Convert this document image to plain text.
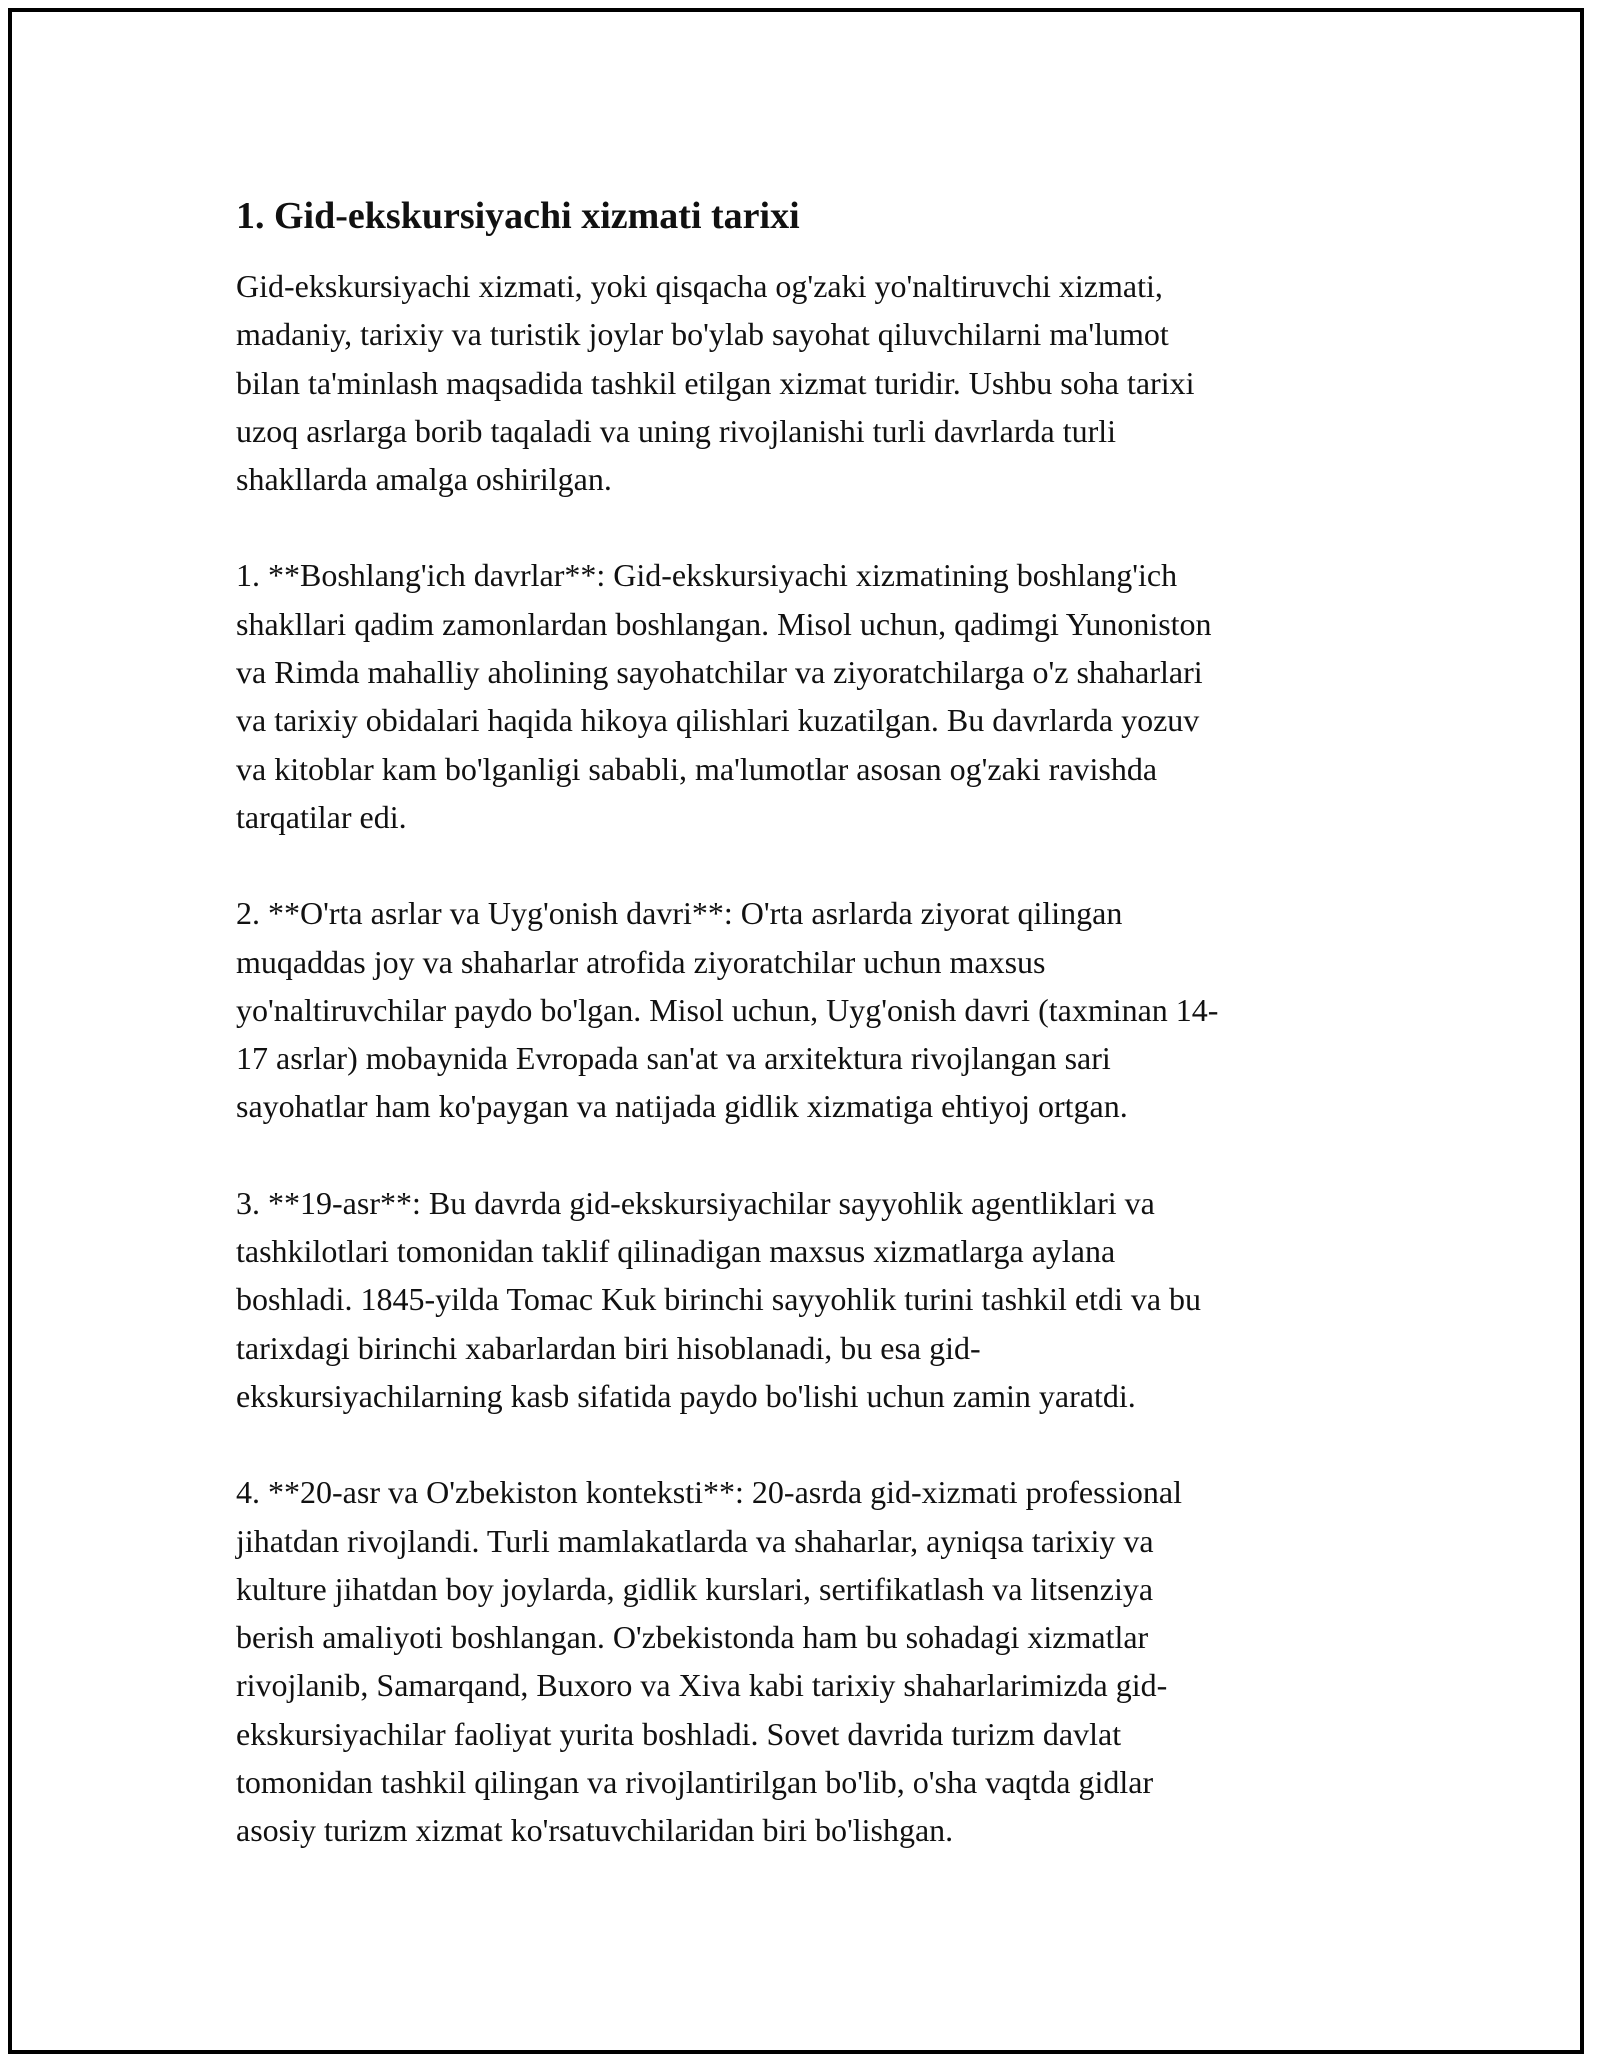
1. Gid-ekskursiyachi xizmati tarixi
Gid-ekskursiyachi xizmati, yoki qisqacha og'zaki yo'naltiruvchi xizmati,
madaniy, tarixiy va turistik joylar bo'ylab sayohat qiluvchilarni ma'lumot
bilan ta'minlash maqsadida tashkil etilgan xizmat turidir. Ushbu soha tarixi
uzoq asrlarga borib taqaladi va uning rivojlanishi turli davrlarda turli
shakllarda amalga oshirilgan.
1. **Boshlang'ich davrlar**: Gid-ekskursiyachi xizmatining boshlang'ich
shakllari qadim zamonlardan boshlangan. Misol uchun, qadimgi Yunoniston
va Rimda mahalliy aholining sayohatchilar va ziyoratchilarga o'z shaharlari
va tarixiy obidalari haqida hikoya qilishlari kuzatilgan. Bu davrlarda yozuv
va kitoblar kam bo'lganligi sababli, ma'lumotlar asosan og'zaki ravishda
tarqatilar edi.
2. **O'rta asrlar va Uyg'onish davri**: O'rta asrlarda ziyorat qilingan
muqaddas joy va shaharlar atrofida ziyoratchilar uchun maxsus
yo'naltiruvchilar paydo bo'lgan. Misol uchun, Uyg'onish davri (taxminan 14-
17 asrlar) mobaynida Evropada san'at va arxitektura rivojlangan sari
sayohatlar ham ko'paygan va natijada gidlik xizmatiga ehtiyoj ortgan.
3. **19-asr**: Bu davrda gid-ekskursiyachilar sayyohlik agentliklari va
tashkilotlari tomonidan taklif qilinadigan maxsus xizmatlarga aylana
boshladi. 1845-yilda Tomac Kuk birinchi sayyohlik turini tashkil etdi va bu
tarixdagi birinchi xabarlardan biri hisoblanadi, bu esa gid-
ekskursiyachilarning kasb sifatida paydo bo'lishi uchun zamin yaratdi.
4. **20-asr va O'zbekiston konteksti**: 20-asrda gid-xizmati professional
jihatdan rivojlandi. Turli mamlakatlarda va shaharlar, ayniqsa tarixiy va
kulture jihatdan boy joylarda, gidlik kurslari, sertifikatlash va litsenziya
berish amaliyoti boshlangan. O'zbekistonda ham bu sohadagi xizmatlar
rivojlanib, Samarqand, Buxoro va Xiva kabi tarixiy shaharlarimizda gid-
ekskursiyachilar faoliyat yurita boshladi. Sovet davrida turizm davlat
tomonidan tashkil qilingan va rivojlantirilgan bo'lib, o'sha vaqtda gidlar
asosiy turizm xizmat ko'rsatuvchilaridan biri bo'lishgan.
